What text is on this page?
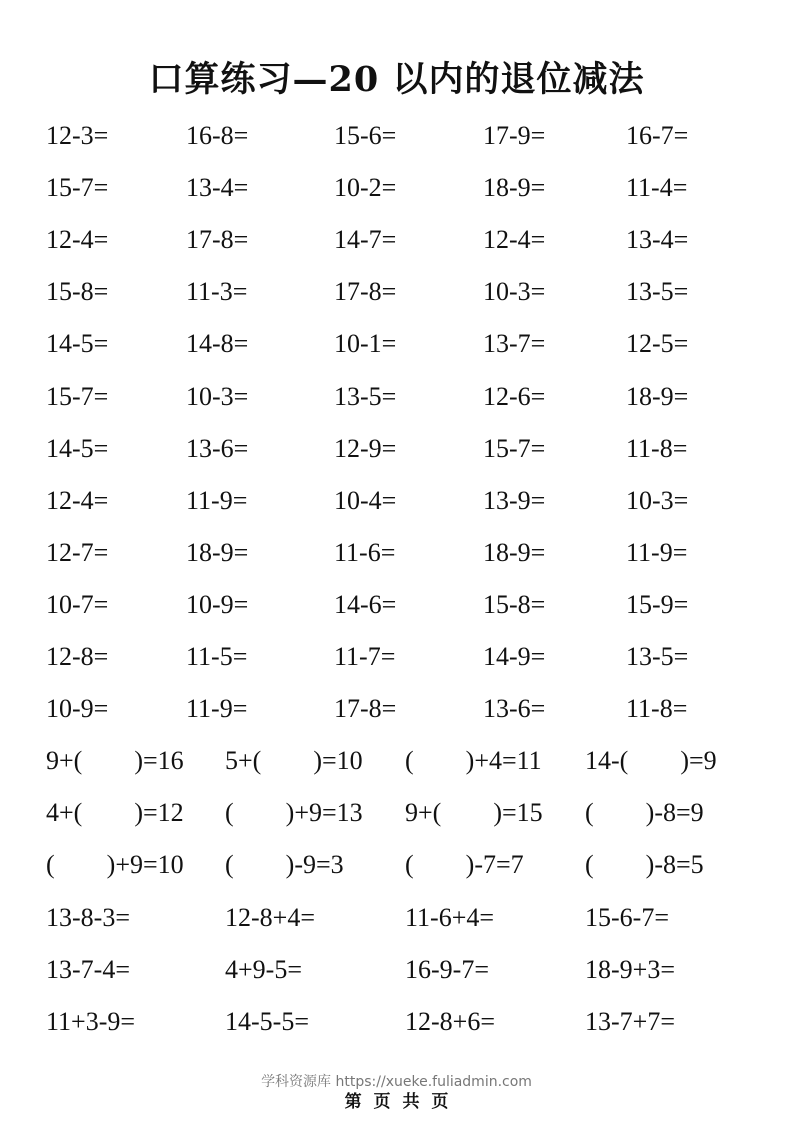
口算练习—20 以内的退位减法
12-3=	16-8=	15-6=	17-9=	16-7=
15-7=	13-4=	10-2=	18-9=	11-4=
12-4=	17-8=	14-7=	12-4=	13-4=
15-8=	11-3=	17-8=	10-3=	13-5=
14-5=	14-8=	10-1=	13-7=	12-5=
15-7=	10-3=	13-5=	12-6=	18-9=
14-5=	13-6=	12-9=	15-7=	11-8=
12-4=	11-9=	10-4=	13-9=	10-3=
12-7=	18-9=	11-6=	18-9=	11-9=
10-7=	10-9=	14-6=	15-8=	15-9=
12-8=	11-5=	11-7=	14-9=	13-5=
10-9=	11-9=	17-8=	13-6=	11-8=
9+(　　)=16 5+(　　)=10 (　　)+4=11 14-(　　)=9
4+(　　)=12 (　　)+9=13 9+(　　)=15 (　　)-8=9
(　　)+9=10 (　　)-9=3 (　　)-7=7 (　　)-8=5
13-8-3=	12-8+4=	11-6+4=	15-6-7=
13-7-4=	4+9-5=	16-9-7=	18-9+3=
11+3-9=	14-5-5=	12-8+6=	13-7+7=
学科资源库 https://xueke.fuliadmin.com
第 页 共 页
